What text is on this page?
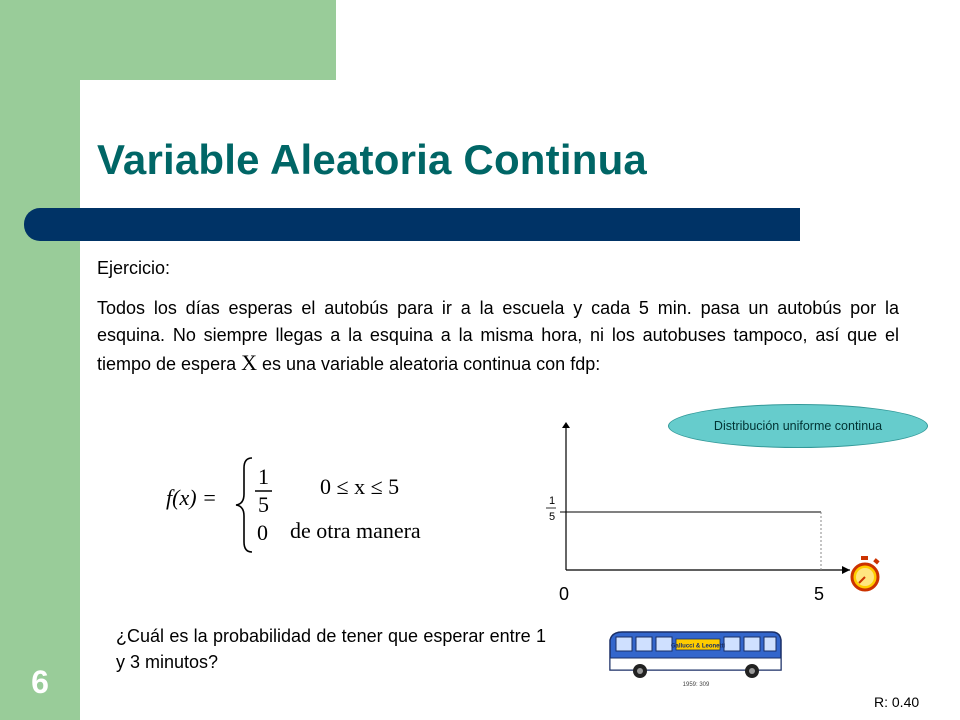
6
Variable Aleatoria Continua
Ejercicio:

Todos los días esperas el autobús para ir a la escuela y cada 5 min. pasa un autobús por la esquina. No siempre llegas a la esquina a la misma hora, ni los autobuses tampoco, así que el tiempo de espera X es una variable aleatoria continua con fdp:

f(x) =
1
5
0 ≤ x ≤ 5
0 de otra manera
1
5
0	5
Distribución uniforme continua

¿Cuál es la probabilidad de tener que esperar entre 1 y 3 minutos?

Gallucci & Leonetti
1959: 309
R: 0.40
